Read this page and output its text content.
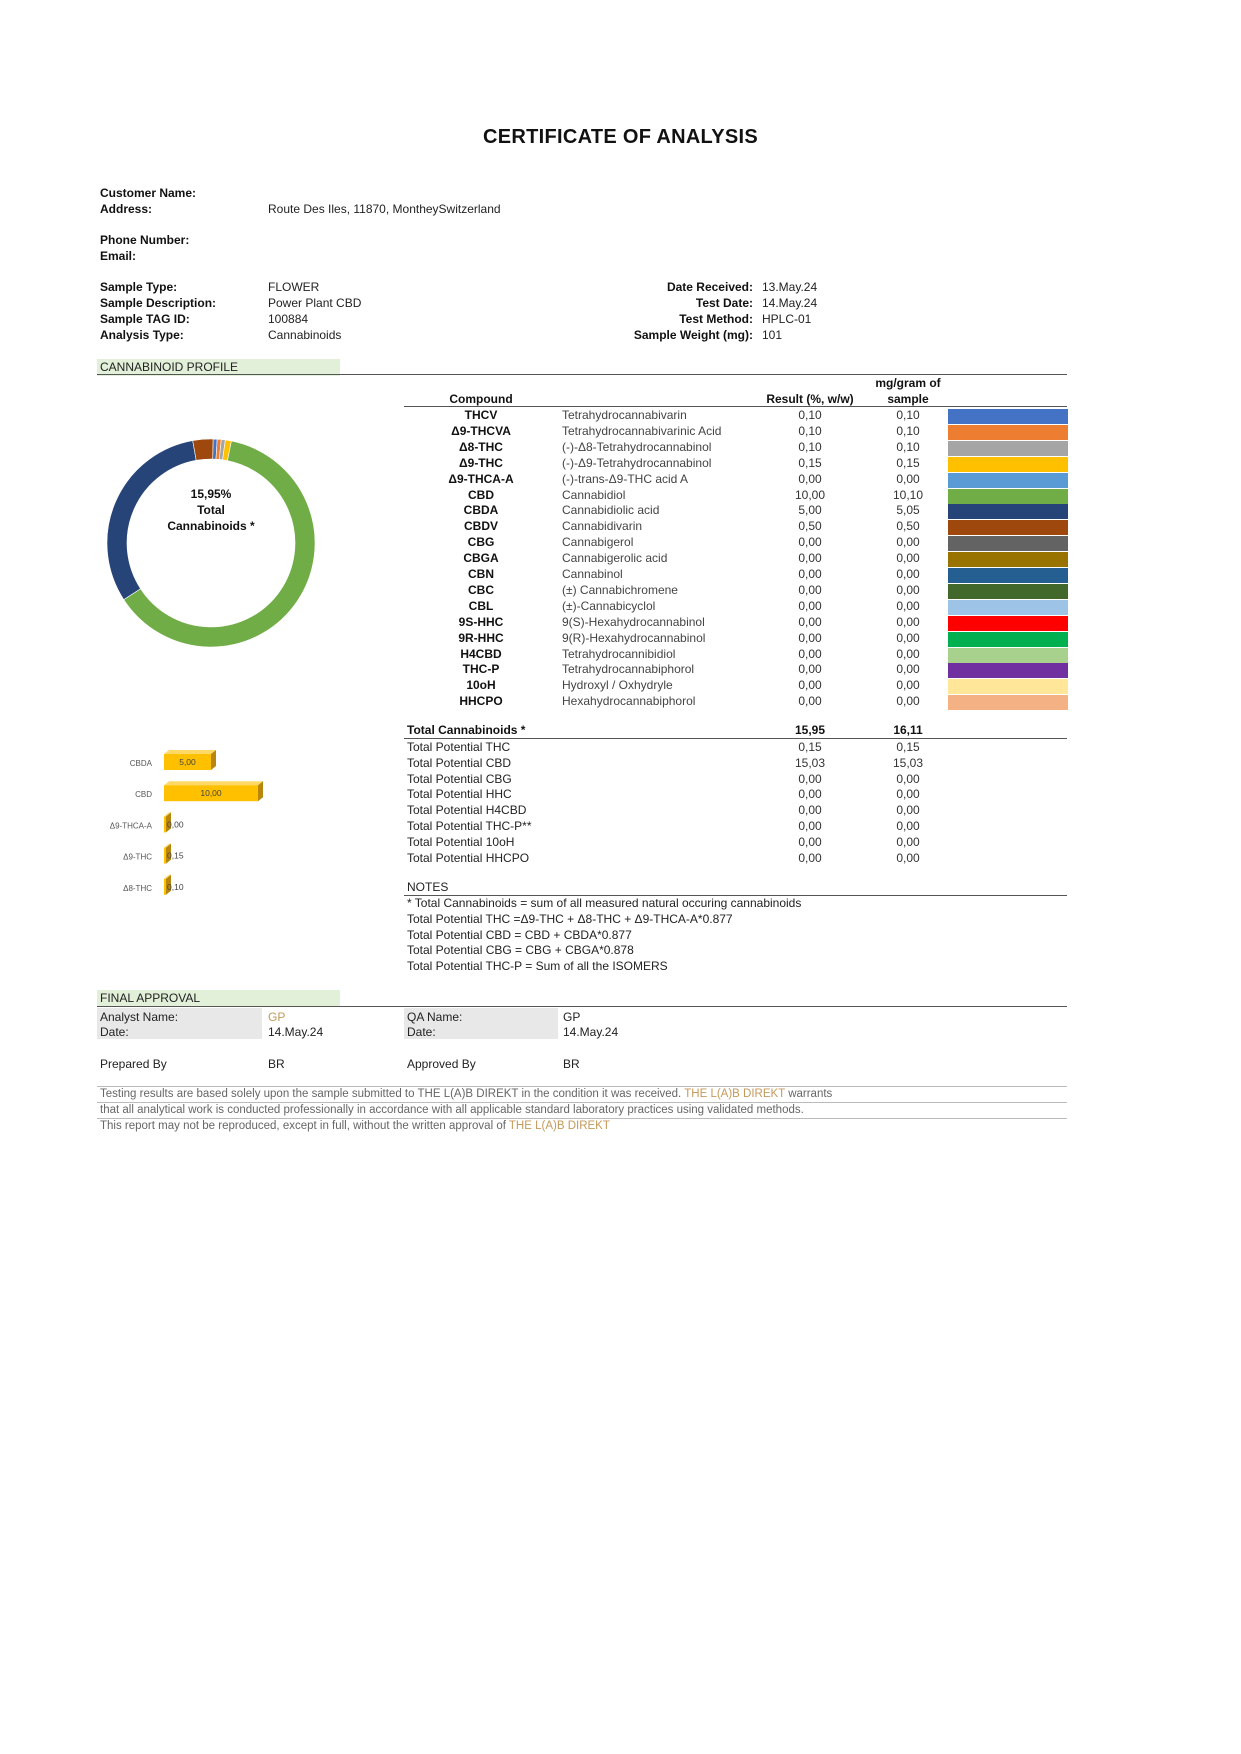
CERTIFICATE OF ANALYSIS
Customer Name:
Address:	Route Des Iles, 11870, MontheySwitzerland
Phone Number:
Email:
Sample Type:	FLOWER
Sample Description:	Power Plant CBD
Sample TAG ID:	100884
Analysis Type:	Cannabinoids
Date Received: 13.May.24
Test Date: 14.May.24
Test Method: HPLC-01
Sample Weight (mg): 101
CANNABINOID PROFILE
Compound	Result (%, w/w)
mg/gram of
sample
THCV	Tetrahydrocannabivarin	0,10	0,10
Δ9-THCVA	Tetrahydrocannabivarinic Acid	0,10	0,10
Δ8-THC	(-)-Δ8-Tetrahydrocannabinol	0,10	0,10
Δ9-THC	(-)-Δ9-Tetrahydrocannabinol	0,15	0,15
Δ9-THCA-A	(-)-trans-Δ9-THC acid A	0,00	0,00
CBD	Cannabidiol	10,00	10,10
CBDA	Cannabidiolic acid	5,00	5,05
CBDV	Cannabidivarin	0,50	0,50
CBG	Cannabigerol	0,00	0,00
CBGA	Cannabigerolic acid	0,00	0,00
CBN	Cannabinol	0,00	0,00
CBC	(±) Cannabichromene	0,00	0,00
CBL	(±)-Cannabicyclol	0,00	0,00
9S-HHC	9(S)-Hexahydrocannabinol	0,00	0,00
9R-HHC	9(R)-Hexahydrocannabinol	0,00	0,00
H4CBD	Tetrahydrocannibidiol	0,00	0,00
THC-P	Tetrahydrocannabiphorol	0,00	0,00
10oH	Hydroxyl / Oxhydryle	0,00	0,00
HHCPO	Hexahydrocannabiphorol	0,00	0,00
15,95%
Total
Cannabinoids *
CBDA	5,00
CBD	10,00
Δ9-THCA-A 0,00
Δ9-THC 0,15
Δ8-THC 0,10
Total Cannabinoids *	15,95	16,11
Total Potential THC	0,15	0,15
Total Potential CBD	15,03	15,03
Total Potential CBG	0,00	0,00
Total Potential HHC	0,00	0,00
Total Potential H4CBD	0,00	0,00
Total Potential THC-P**	0,00	0,00
Total Potential 10oH	0,00	0,00
Total Potential HHCPO	0,00	0,00
NOTES
* Total Cannabinoids = sum of all measured natural occuring cannabinoids
Total Potential THC =Δ9-THC + Δ8-THC + Δ9-THCA-A*0.877
Total Potential CBD = CBD + CBDA*0.877
Total Potential CBG = CBG + CBGA*0.878
Total Potential THC-P = Sum of all the ISOMERS
FINAL APPROVAL
Analyst Name:	GP
Date:	14.May.24
QA Name:	GP
Date:	14.May.24
Prepared By	BR	Approved By	BR
Testing results are based solely upon the sample submitted to THE L(A)B DIREKT in the condition it was received. THE L(A)B DIREKT warrants
that all analytical work is conducted professionally in accordance with all applicable standard laboratory practices using validated methods.
This report may not be reproduced, except in full, without the written approval of THE L(A)B DIREKT
